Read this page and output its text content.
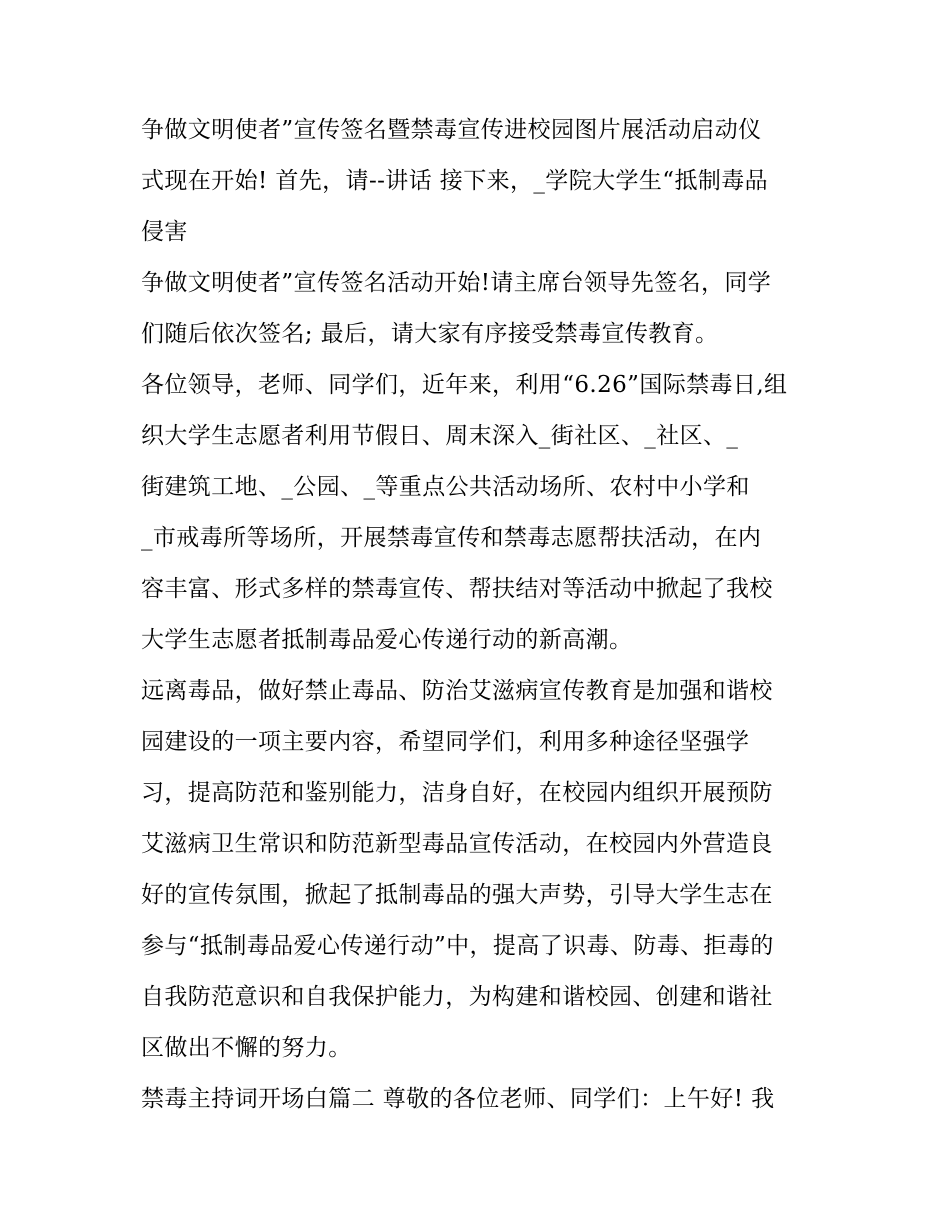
争做文明使者”宣传签名暨禁毒宣传进校园图片展活动启动仪
式现在开始! 首先，请--讲话 接下来，_学院大学生“抵制毒品
侵害
争做文明使者”宣传签名活动开始!请主席台领导先签名，同学
们随后依次签名; 最后，请大家有序接受禁毒宣传教育。
各位领导，老师、同学们，近年来，利用“6.26”国际禁毒日,组
织大学生志愿者利用节假日、周末深入_街社区、_社区、_
街建筑工地、_公园、_等重点公共活动场所、农村中小学和
_市戒毒所等场所，开展禁毒宣传和禁毒志愿帮扶活动，在内
容丰富、形式多样的禁毒宣传、帮扶结对等活动中掀起了我校
大学生志愿者抵制毒品爱心传递行动的新高潮。
远离毒品，做好禁止毒品、防治艾滋病宣传教育是加强和谐校
园建设的一项主要内容，希望同学们，利用多种途径坚强学
习，提高防范和鉴别能力，洁身自好，在校园内组织开展预防
艾滋病卫生常识和防范新型毒品宣传活动，在校园内外营造良
好的宣传氛围，掀起了抵制毒品的强大声势，引导大学生志在
参与“抵制毒品爱心传递行动”中，提高了识毒、防毒、拒毒的
自我防范意识和自我保护能力，为构建和谐校园、创建和谐社
区做出不懈的努力。
禁毒主持词开场白篇二 尊敬的各位老师、同学们：上午好! 我
